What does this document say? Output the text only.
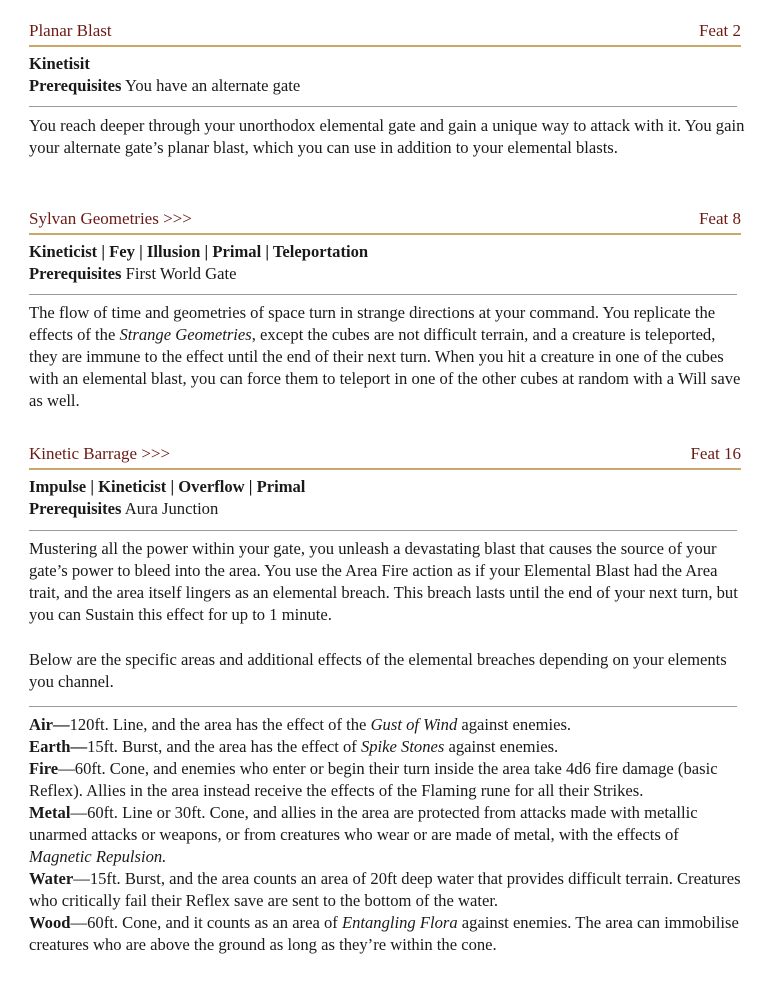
Planar Blast	Feat 2
Kinetisit
Prerequisites You have an alternate gate

You reach deeper through your unorthodox elemental gate and gain a unique way to attack with it. You gain your alternate gate’s planar blast, which you can use in addition to your elemental blasts.

Sylvan Geometries >>>	Feat 8
Kineticist | Fey | Illusion | Primal | Teleportation
Prerequisites First World Gate

The flow of time and geometries of space turn in strange directions at your command. You replicate the effects of the Strange Geometries, except the cubes are not difficult terrain, and a creature is teleported, they are immune to the effect until the end of their next turn. When you hit a creature in one of the cubes with an elemental blast, you can force them to teleport in one of the other cubes at random with a Will save as well.

Kinetic Barrage >>>	Feat 16
Impulse | Kineticist | Overflow | Primal
Prerequisites Aura Junction

Mustering all the power within your gate, you unleash a devastating blast that causes the source of your gate’s power to bleed into the area. You use the Area Fire action as if your Elemental Blast had the Area trait, and the area itself lingers as an elemental breach. This breach lasts until the end of your next turn, but you can Sustain this effect for up to 1 minute.

Below are the specific areas and additional effects of the elemental breaches depending on your elements you channel.

Air—120ft. Line, and the area has the effect of the Gust of Wind against enemies.
Earth—15ft. Burst, and the area has the effect of Spike Stones against enemies.
Fire—60ft. Cone, and enemies who enter or begin their turn inside the area take 4d6 fire damage (basic Reflex). Allies in the area instead receive the effects of the Flaming rune for all their Strikes.
Metal—60ft. Line or 30ft. Cone, and allies in the area are protected from attacks made with metallic unarmed attacks or weapons, or from creatures who wear or are made of metal, with the effects of Magnetic Repulsion.
Water—15ft. Burst, and the area counts an area of 20ft deep water that provides difficult terrain. Creatures who critically fail their Reflex save are sent to the bottom of the water.
Wood—60ft. Cone, and it counts as an area of Entangling Flora against enemies. The area can immobilise creatures who are above the ground as long as they’re within the cone.
